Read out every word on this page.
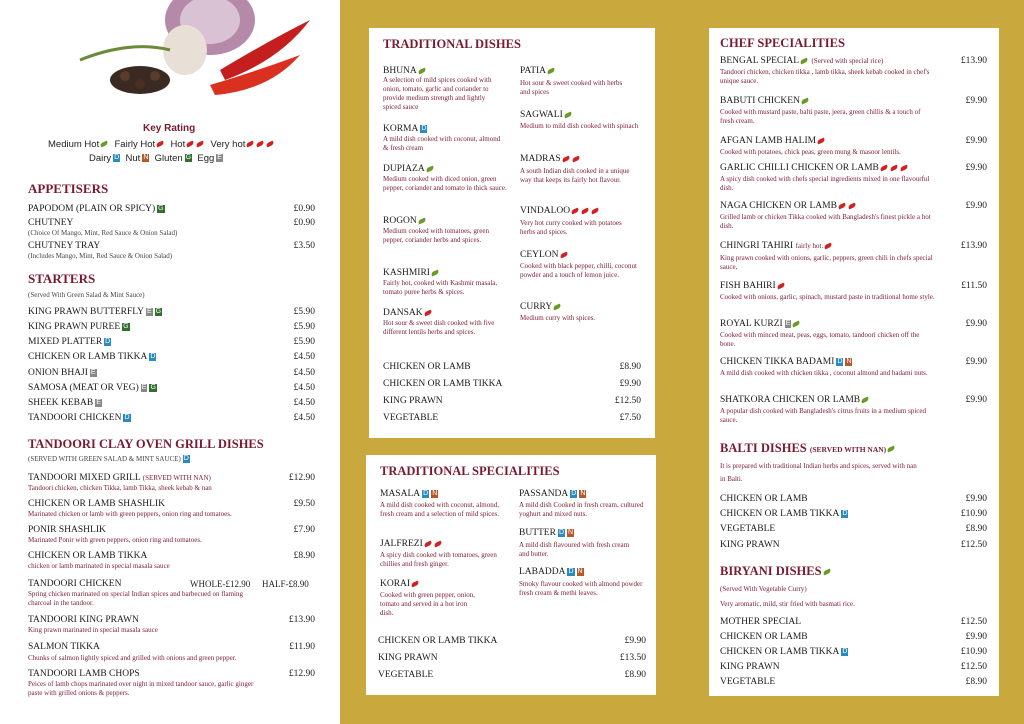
Key Rating
Medium Hot Fairly Hot Hot	Very hot
Dairy D Nut N Gluten G Egg E
APPETISERS
PAPODOM (PLAIN OR SPICY) G	£0.90
CHUTNEY	£0.90
(Choice Of Mango, Mint, Red Sauce & Onion Salad)
CHUTNEY TRAY	£3.50
(Includes Mango, Mint, Red Sauce & Onion Salad)
STARTERS
(Served With Green Salad & Mint Sauce)
KING PRAWN BUTTERFLY E G	£5.90
KING PRAWN PUREE G	£5.90
MIXED PLATTER D	£5.90
CHICKEN OR LAMB TIKKA D	£4.50
ONION BHAJI E	£4.50
SAMOSA (MEAT OR VEG) E G	£4.50
SHEEK KEBAB E	£4.50
TANDOORI CHICKEN D	£4.50
TANDOORI CLAY OVEN GRILL DISHES
(SERVED WITH GREEN SALAD & MINT SAUCE) D
TANDOORI MIXED GRILL (SERVED WITH NAN)	£12.90
Tandoori chicken, chicken Tikka, lamb Tikka, sheek kebab & nan
CHICKEN OR LAMB SHASHLIK	£9.50
Marinated chicken or lamb with green peppers, onion ring and tomatoes.
PONIR SHASHLIK	£7.90
Marinated Ponir with green peppers, onion ring and tomatoes.
CHICKEN OR LAMB TIKKA	£8.90
chicken or lamb marinated in special masala sauce
TANDOORI CHICKEN	WHOLE-£12.90 HALF-£8.90
Spring chicken marinated on special Indian spices and barbecued on flaming charcoal in the tandoor.
TANDOORI KING PRAWN	£13.90
King prawn marinated in special masala sauce
SALMON TIKKA	£11.90
Chunks of salmon lightly spiced and grilled with onions and green pepper.
TANDOORI LAMB CHOPS	£12.90
Peices of lamb chops marinated over night in mixed tandoor sauce, garlic ginger paste with grilled onions & peppers.
TRADITIONAL DISHES
BHUNA
A selection of mild spices cooked with onion, tomato, garlic and coriander to provide medium strength and lightly spiced sauce
KORMA D
A mild dish cooked with coconut, almond & fresh cream
DUPIAZA
Medium cooked with diced onion, green pepper, coriander and tomato in thick sauce.
ROGON
Medium cooked with tomatoes, green pepper, coriander herbs and spices.
KASHMIRI
Fairly hot, cooked with Kashmir masala, tomato puree herbs & spices.
DANSAK
Hot sour & sweet dish cooked with five different lentils herbs and spices.
PATIA
Hot sour & sweet cooked with herbs and spices
SAGWALI
Medium to mild dish cooked with spinach
MADRAS
A south Indian dish cooked in a unique way that keeps its fairly hot flavour.
VINDALOO
Very hot curry cooked with potatoes herbs and spices.
CEYLON
Cooked with black pepper, chilli, coconut powder and a touch of lemon juice.
CURRY
Medium curry with spices.
CHICKEN OR LAMB	£8.90
CHICKEN OR LAMB TIKKA	£9.90
KING PRAWN	£12.50
VEGETABLE	£7.50
TRADITIONAL SPECIALITIES
MASALA D N
A mild dish cooked with coconut, almond, fresh cream and a selection of mild spices.
JALFREZI
A spicy dish cooked with tomatoes, green chillies and fresh ginger.
KORAI
Cooked with green pepper, onion, tomato and served in a hot iron dish.
PASSANDA D N
A mild dish Cooked in fresh cream, cultured yoghurt and mixed nuts.
BUTTER D N
A mild dish flavoured with fresh cream and butter.
LABADDA D N
Smoky flavour cooked with almond powder fresh cream & methi leaves.
CHICKEN OR LAMB TIKKA	£9.90
KING PRAWN	£13.50
VEGETABLE	£8.90
CHEF SPECIALITIES
BENGAL SPECIAL (Served with special rice)	£13.90
Tandoori chicken, chicken tikka , lamb tikka, sheek kebab cooked in chef's unique sauce.
BABUTI CHICKEN	£9.90
Cooked with mustard paste, balti paste, jeera, green chillis & a touch of fresh cream.
AFGAN LAMB HALIM	£9.90
Cooked with potatoes, chick peas, green mung & masoor lentils.
GARLIC CHILLI CHICKEN OR LAMB	£9.90
A spicy dish cooked with chefs special ingredients mixed in one flavourful dish.
NAGA CHICKEN OR LAMB	£9.90
Grilled lamb or chicken Tikka cooked with Bangladesh's finest pickle a hot dish.
CHINGRI TAHIRI fairly hot.	£13.90
King prawn cooked with onions, garlic, peppers, green chili in chefs special sauce,
FISH BAHIRI	£11.50
Cooked with onions, garlic, spinach, mustard paste in traditional home style.
ROYAL KURZI E	£9.90
Cooked with minced meat, peas, eggs, tomato, tandoori chicken off the bone.
CHICKEN TIKKA BADAMI D N	£9.90
A mild dish cooked with chicken tikka , coconut almond and badami nuts.
SHATKORA CHICKEN OR LAMB	£9.90
A popular dish cooked with Bangladesh's citrus fruits in a medium spiced sauce.
BALTI DISHES (SERVED WITH NAN)
It is prepared with traditional Indian herbs and spices, served with nan in Balti.
CHICKEN OR LAMB	£9.90
CHICKEN OR LAMB TIKKA D	£10.90
VEGETABLE	£8.90
KING PRAWN	£12.50
BIRYANI DISHES
(Served With Vegetable Curry)
Very aromatic, mild, stir fried with basmati rice.
MOTHER SPECIAL	£12.50
CHICKEN OR LAMB	£9.90
CHICKEN OR LAMB TIKKA D	£10.90
KING PRAWN	£12.50
VEGETABLE	£8.90
